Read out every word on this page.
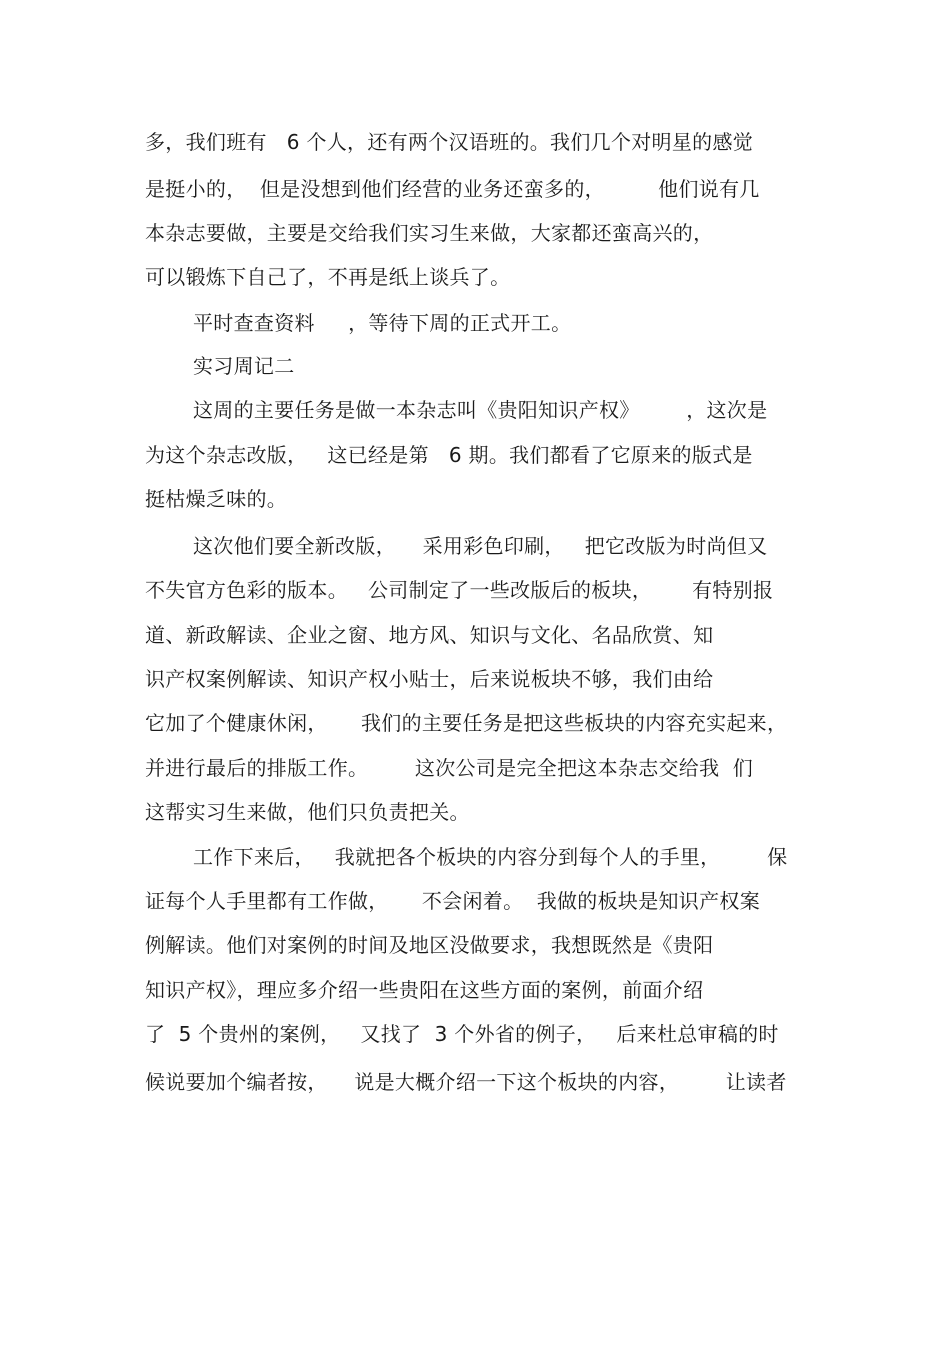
多，我们班有   6 个人，还有两个汉语班的。我们几个对明星的感觉
是挺小的，  但是没想到他们经营的业务还蛮多的，        他们说有几
本杂志要做，主要是交给我们实习生来做，大家都还蛮高兴的，
可以锻炼下自己了，不再是纸上谈兵了。
平时查查资料     ，等待下周的正式开工。
实习周记二
这周的主要任务是做一本杂志叫《贵阳知识产权》       ，这次是
为这个杂志改版，   这已经是第   6 期。我们都看了它原来的版式是
挺枯燥乏味的。
这次他们要全新改版，    采用彩色印刷，   把它改版为时尚但又
不失官方色彩的版本。   公司制定了一些改版后的板块，      有特别报
道、新政解读、企业之窗、地方风、知识与文化、名品欣赏、知
识产权案例解读、知识产权小贴士，后来说板块不够，我们由给
它加了个健康休闲，     我们的主要任务是把这些板块的内容充实起来，
并进行最后的排版工作。       这次公司是完全把这本杂志交给我  们
这帮实习生来做，他们只负责把关。
工作下来后，   我就把各个板块的内容分到每个人的手里，       保
证每个人手里都有工作做，     不会闲着。  我做的板块是知识产权案
例解读。他们对案例的时间及地区没做要求，我想既然是《贵阳
知识产权》，理应多介绍一些贵阳在这些方面的案例，前面介绍
了  5 个贵州的案例，   又找了  3 个外省的例子，   后来杜总审稿的时
候说要加个编者按，    说是大概介绍一下这个板块的内容，       让读者
